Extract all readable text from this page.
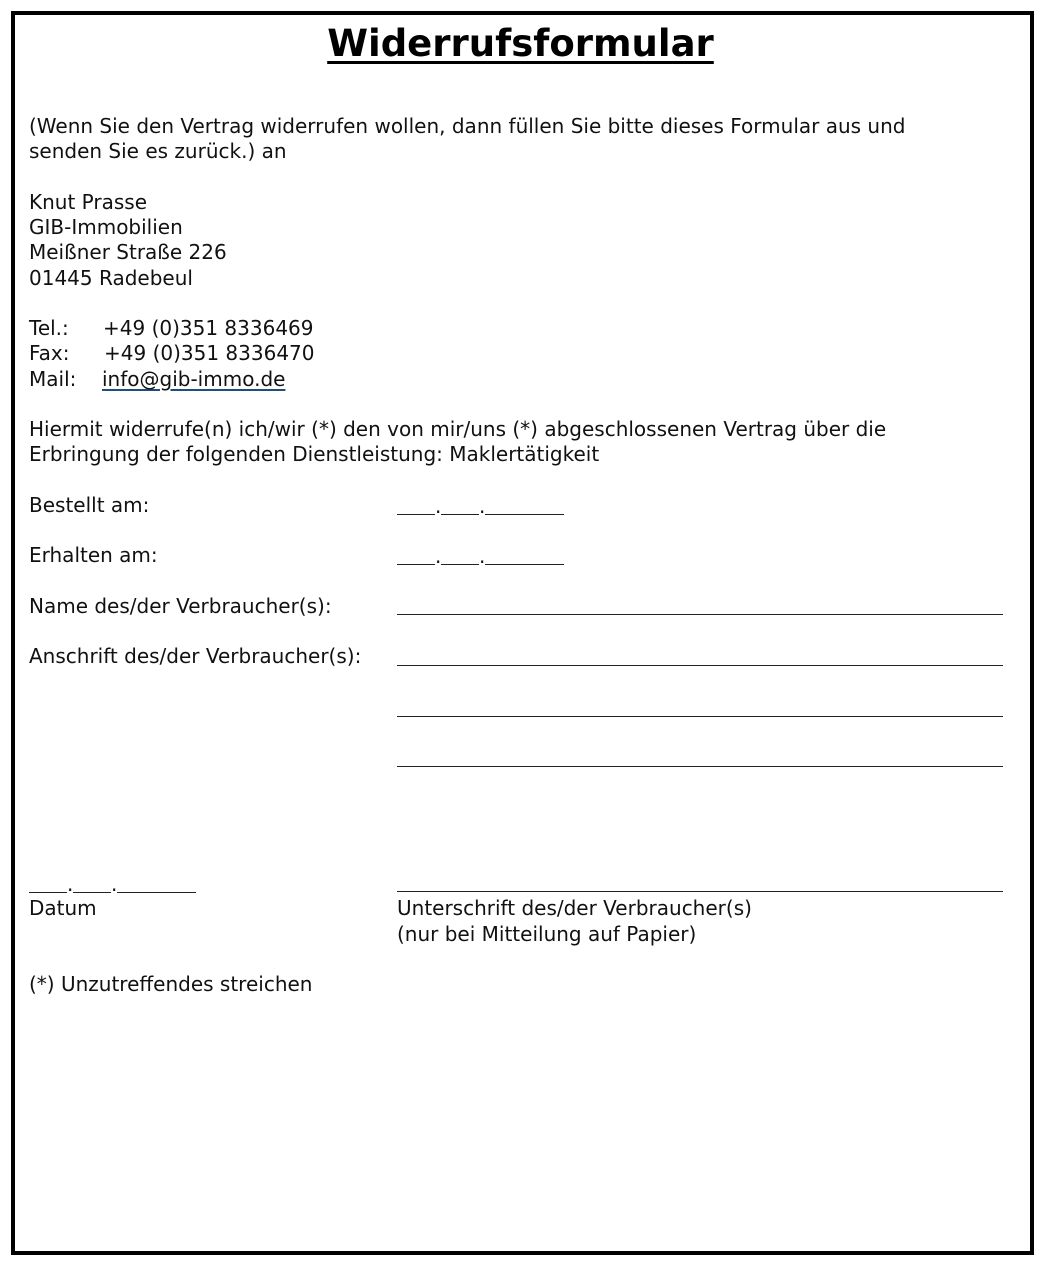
Widerrufsformular
(Wenn Sie den Vertrag widerrufen wollen, dann füllen Sie bitte dieses Formular aus und
senden Sie es zurück.) an
Knut Prasse
GIB-Immobilien
Meißner Straße 226
01445 Radebeul
Tel.: +49 (0)351 8336469
Fax: +49 (0)351 8336470
Mail: info@gib-immo.de
Hiermit widerrufe(n) ich/wir (*) den von mir/uns (*) abgeschlossenen Vertrag über die
Erbringung der folgenden Dienstleistung: Maklertätigkeit
Bestellt am:	. .
Erhalten am:	. .
Name des/der Verbraucher(s):
Anschrift des/der Verbraucher(s):
. .
Datum	Unterschrift des/der Verbraucher(s)
(nur bei Mitteilung auf Papier)
(*) Unzutreffendes streichen
